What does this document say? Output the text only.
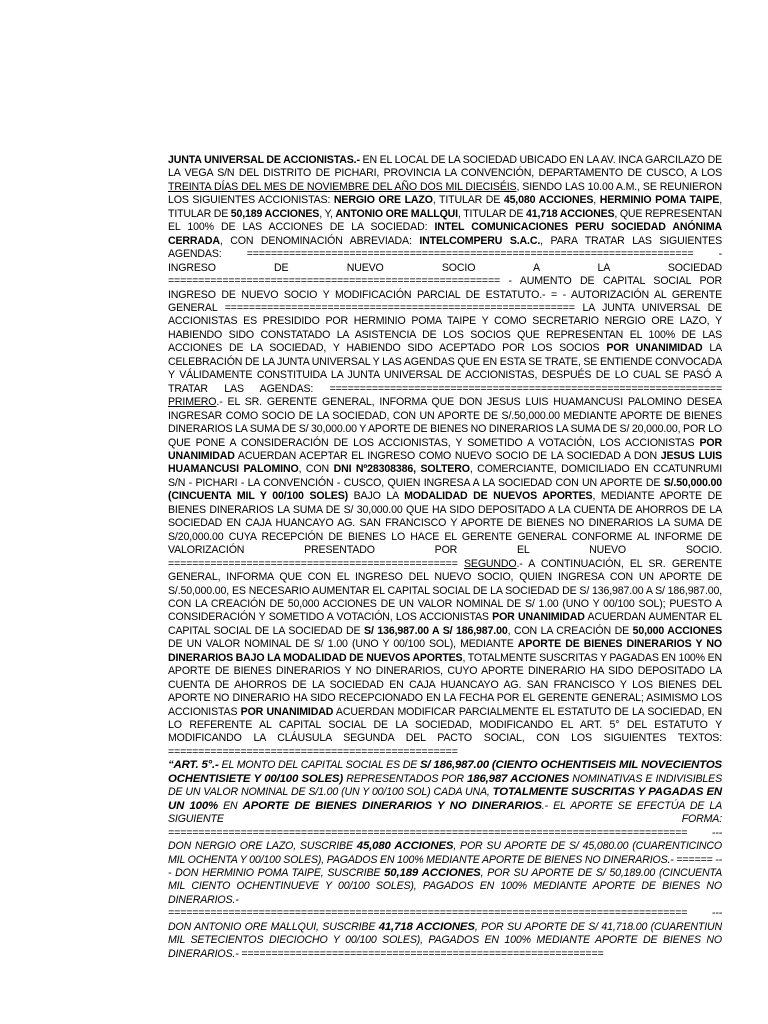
JUNTA UNIVERSAL DE ACCIONISTAS.- EN EL LOCAL DE LA SOCIEDAD UBICADO EN LA AV. INCA GARCILAZO DE LA VEGA S/N DEL DISTRITO DE PICHARI, PROVINCIA LA CONVENCIÓN, DEPARTAMENTO DE CUSCO, A LOS TREINTA DÍAS DEL MES DE NOVIEMBRE DEL AÑO DOS MIL DIECISÉIS, SIENDO LAS 10.00 A.M., SE REUNIERON LOS SIGUIENTES ACCIONISTAS: NERGIO ORE LAZO, TITULAR DE 45,080 ACCIONES, HERMINIO POMA TAIPE, TITULAR DE 50,189 ACCIONES, Y, ANTONIO ORE MALLQUI, TITULAR DE 41,718 ACCIONES, QUE REPRESENTAN EL 100% DE LAS ACCIONES DE LA SOCIEDAD: INTEL COMUNICACIONES PERU SOCIEDAD ANÓNIMA CERRADA, CON DENOMINACIÓN ABREVIADA: INTELCOMPERU S.A.C., PARA TRATAR LAS SIGUIENTES AGENDAS: ========================================================================== - INGRESO DE NUEVO SOCIO A LA SOCIEDAD ======================================================= - AUMENTO DE CAPITAL SOCIAL POR INGRESO DE NUEVO SOCIO Y MODIFICACIÓN PARCIAL DE ESTATUTO.- = - AUTORIZACIÓN AL GERENTE GENERAL ========================================================== LA JUNTA UNIVERSAL DE ACCIONISTAS ES PRESIDIDO POR HERMINIO POMA TAIPE Y COMO SECRETARIO NERGIO ORE LAZO, Y HABIENDO SIDO CONSTATADO LA ASISTENCIA DE LOS SOCIOS QUE REPRESENTAN EL 100% DE LAS ACCIONES DE LA SOCIEDAD, Y HABIENDO SIDO ACEPTADO POR LOS SOCIOS POR UNANIMIDAD LA CELEBRACIÓN DE LA JUNTA UNIVERSAL Y LAS AGENDAS QUE EN ESTA SE TRATE, SE ENTIENDE CONVOCADA Y VÁLIDAMENTE CONSTITUIDA LA JUNTA UNIVERSAL DE ACCIONISTAS, DESPUÉS DE LO CUAL SE PASÓ A TRATAR LAS AGENDAS: ================================================================= PRIMERO.- EL SR. GERENTE GENERAL, INFORMA QUE DON JESUS LUIS HUAMANCUSI PALOMINO DESEA INGRESAR COMO SOCIO DE LA SOCIEDAD, CON UN APORTE DE S/.50,000.00 MEDIANTE APORTE DE BIENES DINERARIOS LA SUMA DE S/ 30,000.00 Y APORTE DE BIENES NO DINERARIOS LA SUMA DE S/ 20,000.00, POR LO QUE PONE A CONSIDERACIÓN DE LOS ACCIONISTAS, Y SOMETIDO A VOTACIÓN, LOS ACCIONISTAS POR UNANIMIDAD ACUERDAN ACEPTAR EL INGRESO COMO NUEVO SOCIO DE LA SOCIEDAD A DON JESUS LUIS HUAMANCUSI PALOMINO, CON DNI Nº28308386, SOLTERO, COMERCIANTE, DOMICILIADO EN CCATUNRUMI S/N - PICHARI - LA CONVENCIÓN - CUSCO, QUIEN INGRESA A LA SOCIEDAD CON UN APORTE DE S/.50,000.00 (CINCUENTA MIL Y 00/100 SOLES) BAJO LA MODALIDAD DE NUEVOS APORTES, MEDIANTE APORTE DE BIENES DINERARIOS LA SUMA DE S/ 30,000.00 QUE HA SIDO DEPOSITADO A LA CUENTA DE AHORROS DE LA SOCIEDAD EN CAJA HUANCAYO AG. SAN FRANCISCO Y APORTE DE BIENES NO DINERARIOS LA SUMA DE S/20,000.00 CUYA RECEPCIÓN DE BIENES LO HACE EL GERENTE GENERAL CONFORME AL INFORME DE VALORIZACIÓN PRESENTADO POR EL NUEVO SOCIO. ================================================ SEGUNDO.- A CONTINUACIÓN, EL SR. GERENTE GENERAL, INFORMA QUE CON EL INGRESO DEL NUEVO SOCIO, QUIEN INGRESA CON UN APORTE DE S/.50,000.00, ES NECESARIO AUMENTAR EL CAPITAL SOCIAL DE LA SOCIEDAD DE S/ 136,987.00 A S/ 186,987.00, CON LA CREACIÓN DE 50,000 ACCIONES DE UN VALOR NOMINAL DE S/ 1.00 (UNO Y 00/100 SOL); PUESTO A CONSIDERACIÓN Y SOMETIDO A VOTACIÓN, LOS ACCIONISTAS POR UNANIMIDAD ACUERDAN AUMENTAR EL CAPITAL SOCIAL DE LA SOCIEDAD DE S/ 136,987.00 A S/ 186,987.00, CON LA CREACIÓN DE 50,000 ACCIONES DE UN VALOR NOMINAL DE S/ 1.00 (UNO Y 00/100 SOL), MEDIANTE APORTE DE BIENES DINERARIOS Y NO DINERARIOS BAJO LA MODALIDAD DE NUEVOS APORTES, TOTALMENTE SUSCRITAS Y PAGADAS EN 100% EN APORTE DE BIENES DINERARIOS Y NO DINERARIOS, CUYO APORTE DINERARIO HA SIDO DEPOSITADO LA CUENTA DE AHORROS DE LA SOCIEDAD EN CAJA HUANCAYO AG. SAN FRANCISCO Y LOS BIENES DEL APORTE NO DINERARIO HA SIDO RECEPCIONADO EN LA FECHA POR EL GERENTE GENERAL; ASIMISMO LOS ACCIONISTAS POR UNANIMIDAD ACUERDAN MODIFICAR PARCIALMENTE EL ESTATUTO DE LA SOCIEDAD, EN LO REFERENTE AL CAPITAL SOCIAL DE LA SOCIEDAD, MODIFICANDO EL ART. 5° DEL ESTATUTO Y MODIFICANDO LA CLÁUSULA SEGUNDA DEL PACTO SOCIAL, CON LOS SIGUIENTES TEXTOS: ================================================

“ART. 5°.- EL MONTO DEL CAPITAL SOCIAL ES DE S/ 186,987.00 (CIENTO OCHENTISEIS MIL NOVECIENTOS OCHENTISIETE Y 00/100 SOLES) REPRESENTADOS POR 186,987 ACCIONES NOMINATIVAS E INDIVISIBLES DE UN VALOR NOMINAL DE S/1.00 (UN Y 00/100 SOL) CADA UNA, TOTALMENTE SUSCRITAS Y PAGADAS EN UN 100% EN APORTE DE BIENES DINERARIOS Y NO DINERARIOS.- EL APORTE SE EFECTÚA DE LA SIGUIENTE FORMA: ====================================================================================== --- DON NERGIO ORE LAZO, SUSCRIBE 45,080 ACCIONES, POR SU APORTE DE S/ 45,080.00 (CUARENTICINCO MIL OCHENTA Y 00/100 SOLES), PAGADOS EN 100% MEDIANTE APORTE DE BIENES NO DINERARIOS.- ====== --- DON HERMINIO POMA TAIPE, SUSCRIBE 50,189 ACCIONES, POR SU APORTE DE S/ 50,189.00 (CINCUENTA MIL CIENTO OCHENTINUEVE Y 00/100 SOLES), PAGADOS EN 100% MEDIANTE APORTE DE BIENES NO DINERARIOS.- ====================================================================================== --- DON ANTONIO ORE MALLQUI, SUSCRIBE 41,718 ACCIONES, POR SU APORTE DE S/ 41,718.00 (CUARENTIUN MIL SETECIENTOS DIECIOCHO Y 00/100 SOLES), PAGADOS EN 100% MEDIANTE APORTE DE BIENES NO DINERARIOS.- ============================================================
